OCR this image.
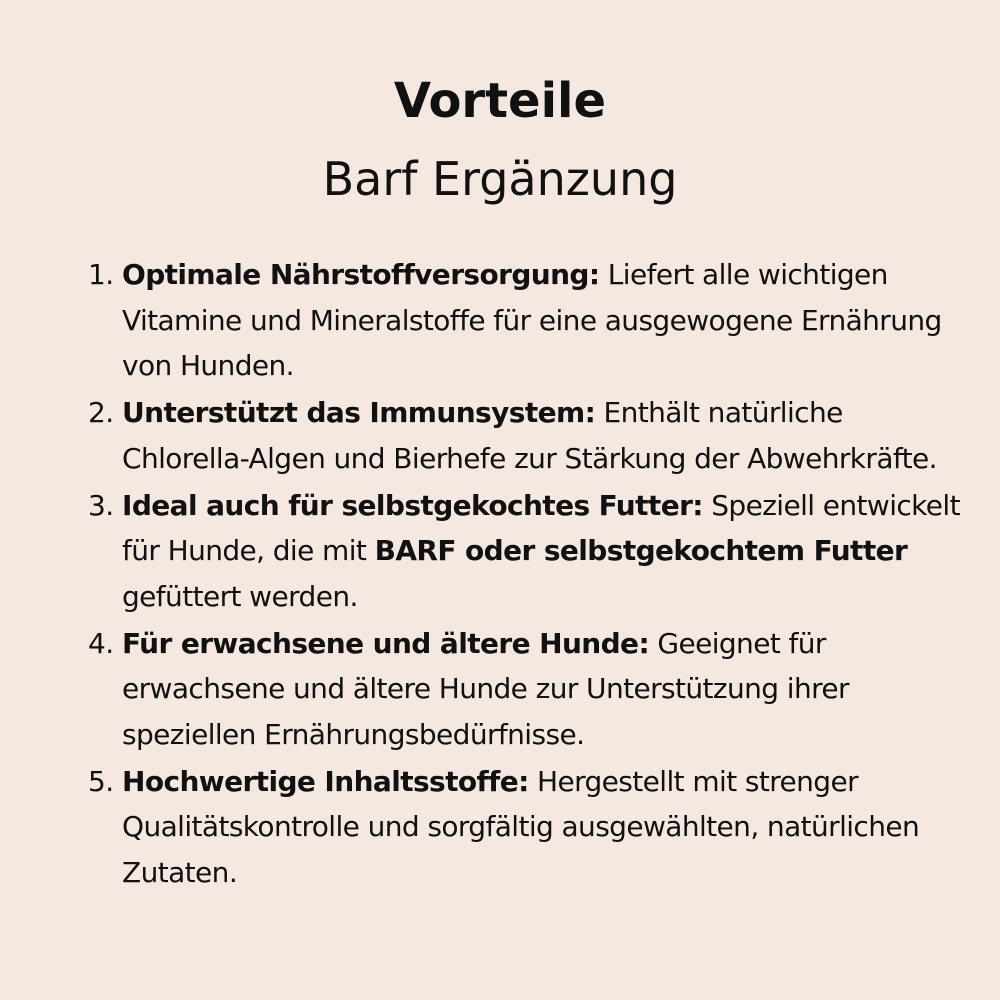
Vorteile
Barf Ergänzung
1. Optimale Nährstoffversorgung: Liefert alle wichtigen Vitamine und Mineralstoffe für eine ausgewogene Ernährung von Hunden.
2. Unterstützt das Immunsystem: Enthält natürliche Chlorella-Algen und Bierhefe zur Stärkung der Abwehrkräfte.
3. Ideal auch für selbstgekochtes Futter: Speziell entwickelt für Hunde, die mit BARF oder selbstgekochtem Futter gefüttert werden.
4. Für erwachsene und ältere Hunde: Geeignet für erwachsene und ältere Hunde zur Unterstützung ihrer speziellen Ernährungsbedürfnisse.
5. Hochwertige Inhaltsstoffe: Hergestellt mit strenger Qualitätskontrolle und sorgfältig ausgewählten, natürlichen Zutaten.
